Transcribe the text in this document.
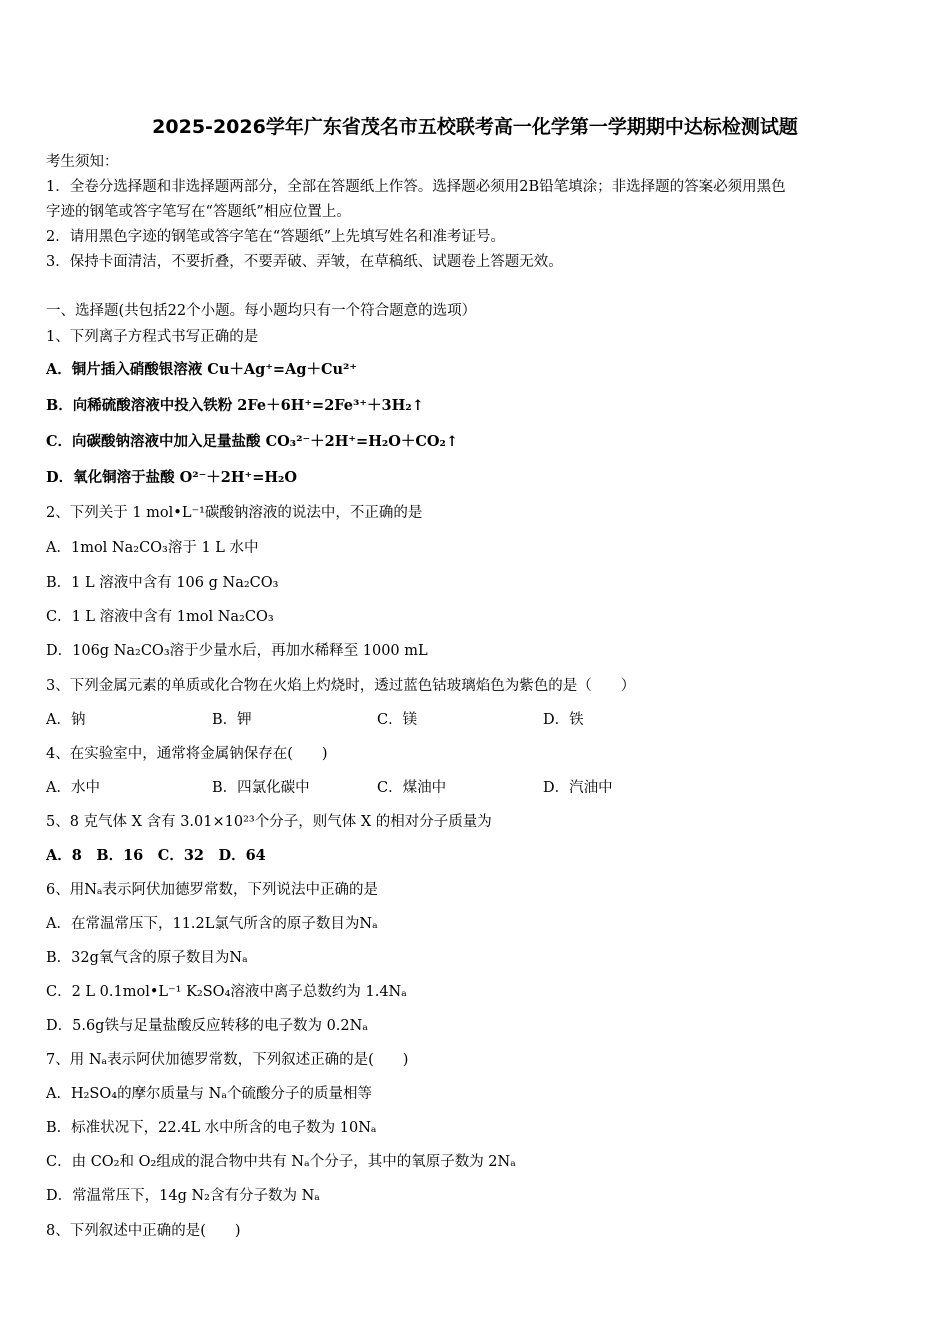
2025-2026学年广东省茂名市五校联考高一化学第一学期期中达标检测试题
考生须知：
1．全卷分选择题和非选择题两部分，全部在答题纸上作答。选择题必须用2B铅笔填涂；非选择题的答案必须用黑色
字迹的钢笔或答字笔写在“答题纸”相应位置上。
2．请用黑色字迹的钢笔或答字笔在“答题纸”上先填写姓名和准考证号。
3．保持卡面清洁，不要折叠，不要弄破、弄皱，在草稿纸、试题卷上答题无效。
一、选择题(共包括22个小题。每小题均只有一个符合题意的选项）
1、下列离子方程式书写正确的是
A．铜片插入硝酸银溶液 Cu＋Ag⁺=Ag＋Cu²⁺
B．向稀硫酸溶液中投入铁粉 2Fe＋6H⁺=2Fe³⁺＋3H₂↑
C．向碳酸钠溶液中加入足量盐酸 CO₃²⁻＋2H⁺=H₂O＋CO₂↑
D．氧化铜溶于盐酸 O²⁻＋2H⁺=H₂O
2、下列关于 1 mol•L⁻¹碳酸钠溶液的说法中，不正确的是
A．1mol Na₂CO₃溶于 1 L 水中
B．1 L 溶液中含有 106 g Na₂CO₃
C．1 L 溶液中含有 1mol Na₂CO₃
D．106g Na₂CO₃溶于少量水后，再加水稀释至 1000 mL
3、下列金属元素的单质或化合物在火焰上灼烧时，透过蓝色钴玻璃焰色为紫色的是（　　）
A．钠	B．钾	C．镁	D．铁
4、在实验室中，通常将金属钠保存在(　　)
A．水中	B．四氯化碳中	C．煤油中	D．汽油中
5、8 克气体 X 含有 3.01×10²³个分子，则气体 X 的相对分子质量为
A．8　B．16　C．32　D．64
6、用Nₐ表示阿伏加德罗常数，下列说法中正确的是
A．在常温常压下，11.2L氯气所含的原子数目为Nₐ
B．32g氧气含的原子数目为Nₐ
C．2 L 0.1mol•L⁻¹ K₂SO₄溶液中离子总数约为 1.4Nₐ
D．5.6g铁与足量盐酸反应转移的电子数为 0.2Nₐ
7、用 Nₐ表示阿伏加德罗常数，下列叙述正确的是(　　)
A．H₂SO₄的摩尔质量与 Nₐ个硫酸分子的质量相等
B．标准状况下，22.4L 水中所含的电子数为 10Nₐ
C．由 CO₂和 O₂组成的混合物中共有 Nₐ个分子，其中的氧原子数为 2Nₐ
D．常温常压下，14g N₂含有分子数为 Nₐ
8、下列叙述中正确的是(　　)
